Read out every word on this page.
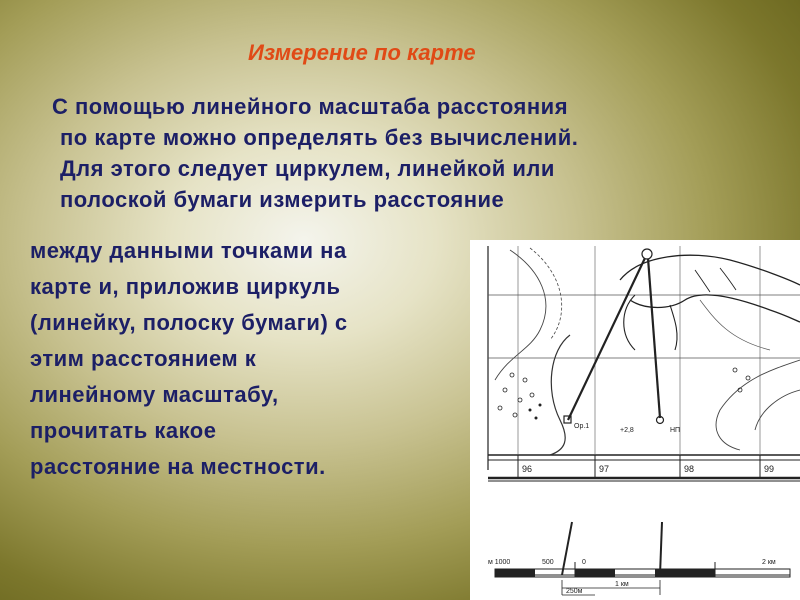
Измерение по карте
С помощью линейного масштаба расстояния
по карте можно определять без вычислений.
Для этого следует циркулем, линейкой или
полоской бумаги измерить расстояние
между данными точками на
карте и, приложив циркуль
(линейку, полоску бумаги) с
этим расстоянием к
линейному масштабу,
прочитать какое
расстояние на местности.
Ор.1
+2,8	НП
96	97	98	99
м 1000	500	0	2 км
250м
1 км
